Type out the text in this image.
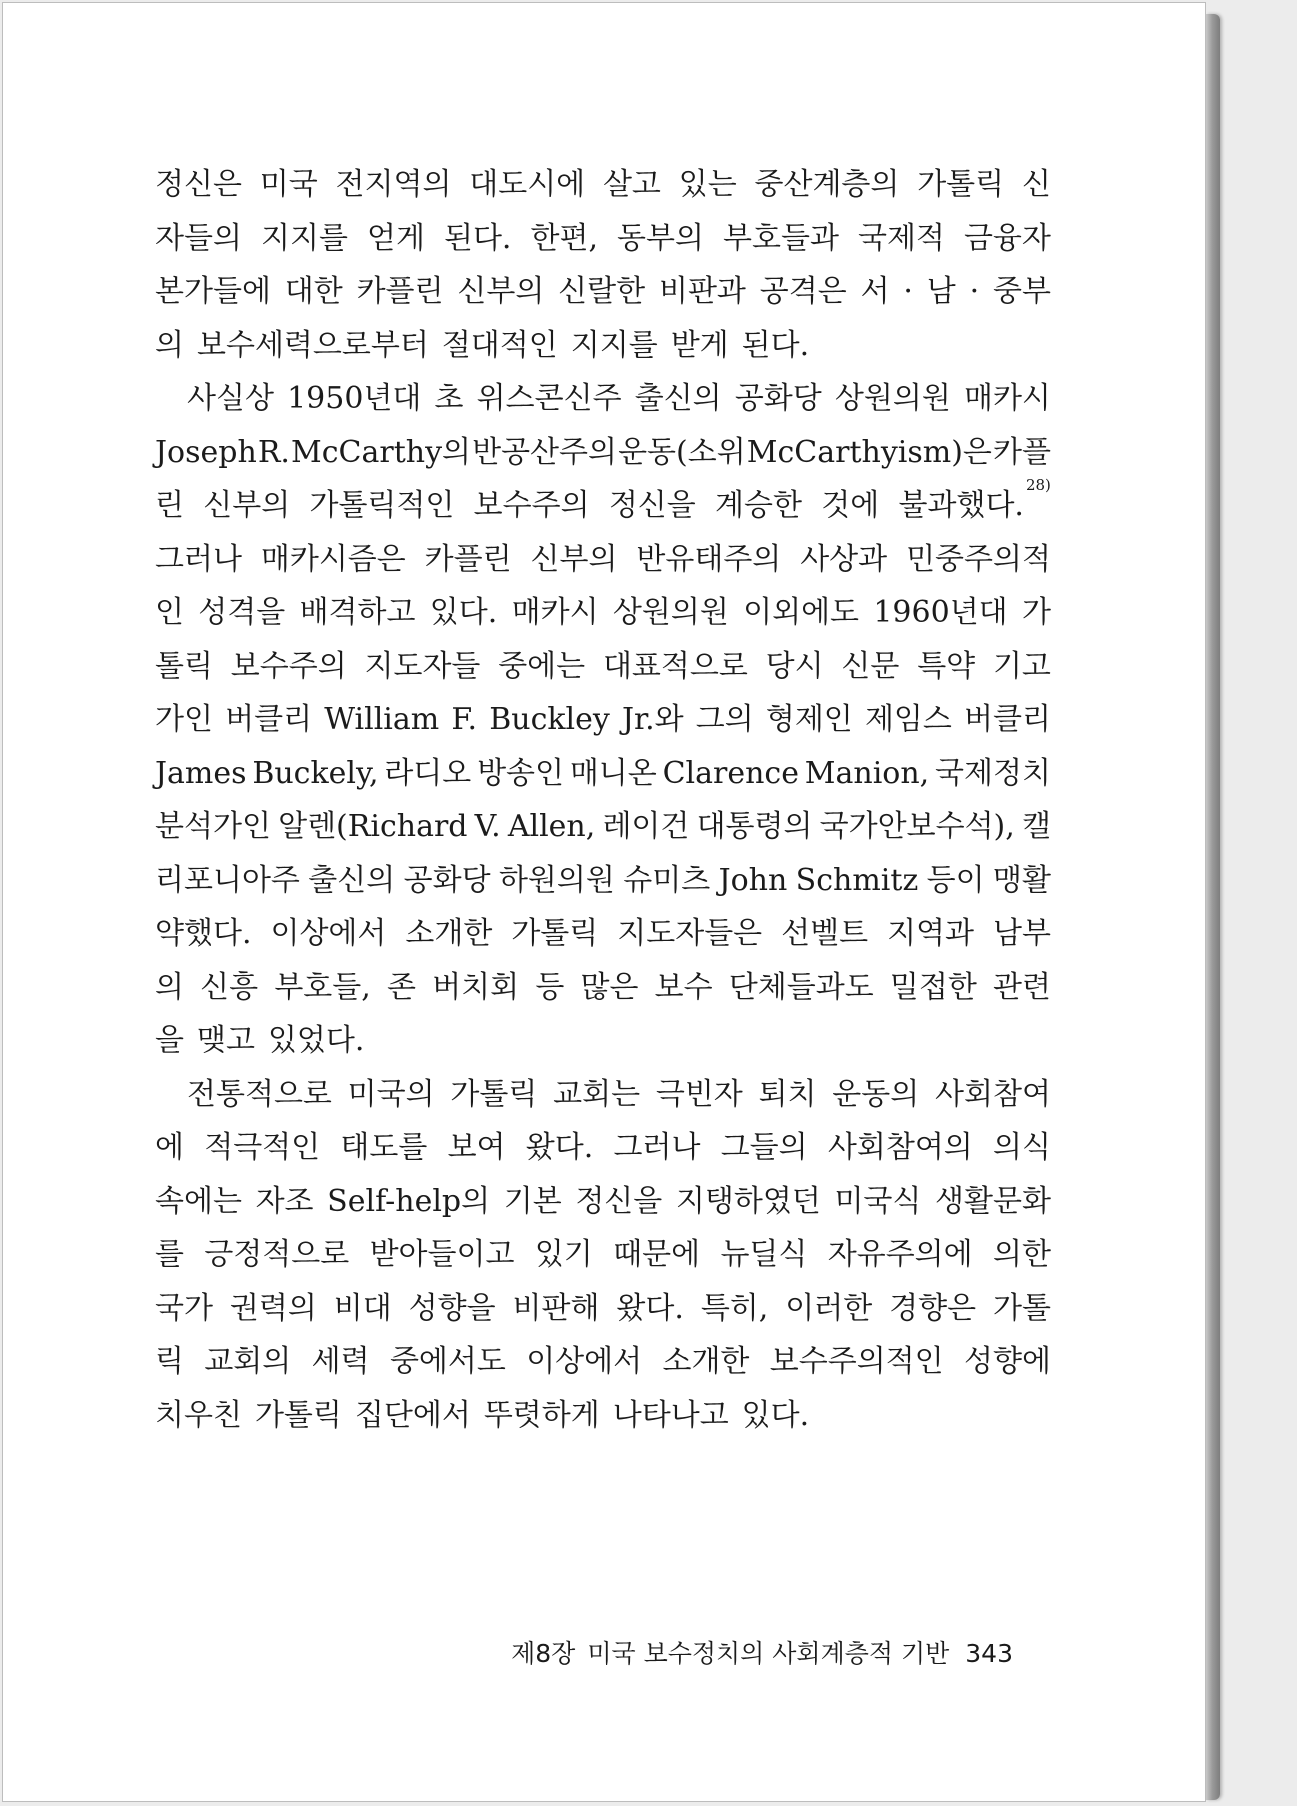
정신은 미국 전지역의 대도시에 살고 있는 중산계층의 가톨릭 신
자들의 지지를 얻게 된다. 한편, 동부의 부호들과 국제적 금융자
본가들에 대한 카플린 신부의 신랄한 비판과 공격은 서 · 남 · 중부
의 보수세력으로부터 절대적인 지지를 받게 된다.
사실상 1950년대 초 위스콘신주 출신의 공화당 상원의원 매카시
Joseph R. McCarthy의 반공산주의 운동(소위 McCarthyism)은 카플
린 신부의 가톨릭적인 보수주의 정신을 계승한 것에 불과했다.$^{28)}$
그러나 매카시즘은 카플린 신부의 반유태주의 사상과 민중주의적
인 성격을 배격하고 있다. 매카시 상원의원 이외에도 1960년대 가
톨릭 보수주의 지도자들 중에는 대표적으로 당시 신문 특약 기고
가인 버클리 William F. Buckley Jr.와 그의 형제인 제임스 버클리
James Buckely, 라디오 방송인 매니온 Clarence Manion, 국제정치
분석가인 알렌(Richard V. Allen, 레이건 대통령의 국가안보수석), 캘
리포니아주 출신의 공화당 하원의원 슈미츠 John Schmitz 등이 맹활
약했다. 이상에서 소개한 가톨릭 지도자들은 선벨트 지역과 남부
의 신흥 부호들, 존 버치회 등 많은 보수 단체들과도 밀접한 관련
을 맺고 있었다.
전통적으로 미국의 가톨릭 교회는 극빈자 퇴치 운동의 사회참여
에 적극적인 태도를 보여 왔다. 그러나 그들의 사회참여의 의식
속에는 자조 Self-help의 기본 정신을 지탱하였던 미국식 생활문화
를 긍정적으로 받아들이고 있기 때문에 뉴딜식 자유주의에 의한
국가 권력의 비대 성향을 비판해 왔다. 특히, 이러한 경향은 가톨
릭 교회의 세력 중에서도 이상에서 소개한 보수주의적인 성향에
치우친 가톨릭 집단에서 뚜렷하게 나타나고 있다.
제8장 미국 보수정치의 사회계층적 기반 343
